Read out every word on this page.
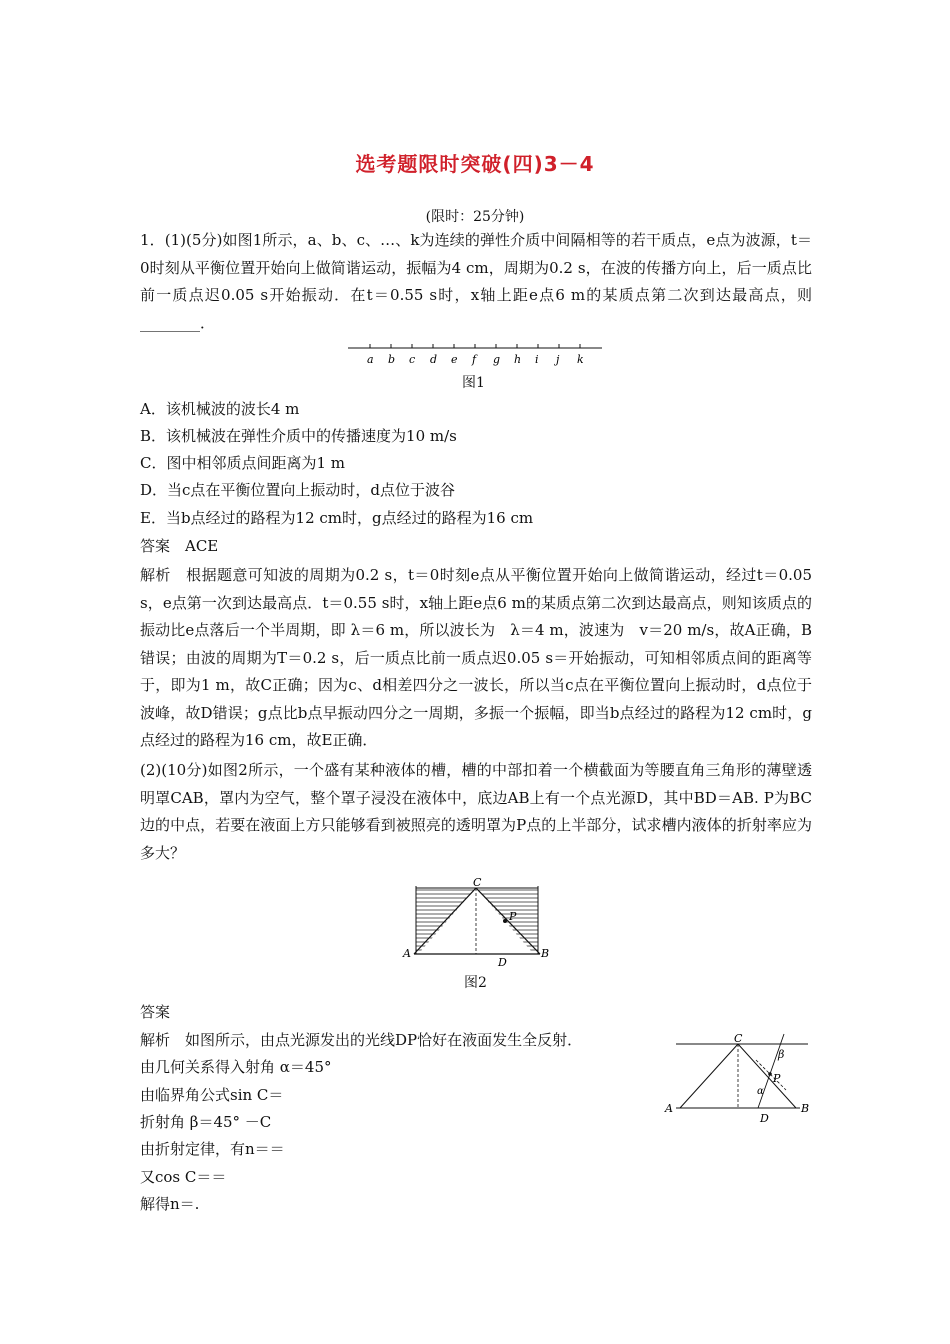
选考题限时突破(四)3－4
(限时：25分钟)
1．(1)(5分)如图1所示，a、b、c、…、k为连续的弹性介质中间隔相等的若干质点，e点为波源，t＝0时刻从平衡位置开始向上做简谐运动，振幅为4 cm，周期为0.2 s，在波的传播方向上，后一质点比前一质点迟0.05 s开始振动．在t＝0.55 s时，x轴上距e点6 m的某质点第二次到达最高点，则________．
a b c d e f g h i j k
图1
A．该机械波的波长4 m
B．该机械波在弹性介质中的传播速度为10 m/s
C．图中相邻质点间距离为1 m
D．当c点在平衡位置向上振动时，d点位于波谷
E．当b点经过的路程为12 cm时，g点经过的路程为16 cm
答案　ACE
解析　根据题意可知波的周期为0.2 s，t＝0时刻e点从平衡位置开始向上做简谐运动，经过t＝0.05 s，e点第一次到达最高点．t＝0.55 s时，x轴上距e点6 m的某质点第二次到达最高点，则知该质点的振动比e点落后一个半周期，即 λ＝6 m，所以波长为　λ＝4 m，波速为　v＝20 m/s，故A正确，B错误；由波的周期为T＝0.2 s，后一质点比前一质点迟0.05 s＝开始振动，可知相邻质点间的距离等于，即为1 m，故C正确；因为c、d相差四分之一波长，所以当c点在平衡位置向上振动时，d点位于波峰，故D错误；g点比b点早振动四分之一周期，多振一个振幅，即当b点经过的路程为12 cm时，g点经过的路程为16 cm，故E正确．
(2)(10分)如图2所示，一个盛有某种液体的槽，槽的中部扣着一个横截面为等腰直角三角形的薄壁透明罩CAB，罩内为空气，整个罩子浸没在液体中，底边AB上有一个点光源D，其中BD＝AB. P为BC边的中点，若要在液面上方只能够看到被照亮的透明罩为P点的上半部分，试求槽内液体的折射率应为多大？
C
P
A	B
D
图2
答案
解析　如图所示，由点光源发出的光线DP恰好在液面发生全反射．
由几何关系得入射角 α＝45°
由临界角公式sin C＝
折射角 β＝45° －C
由折射定律，有n＝＝
又cos C＝＝
解得n＝.
C
β
P
α
A	B
D
